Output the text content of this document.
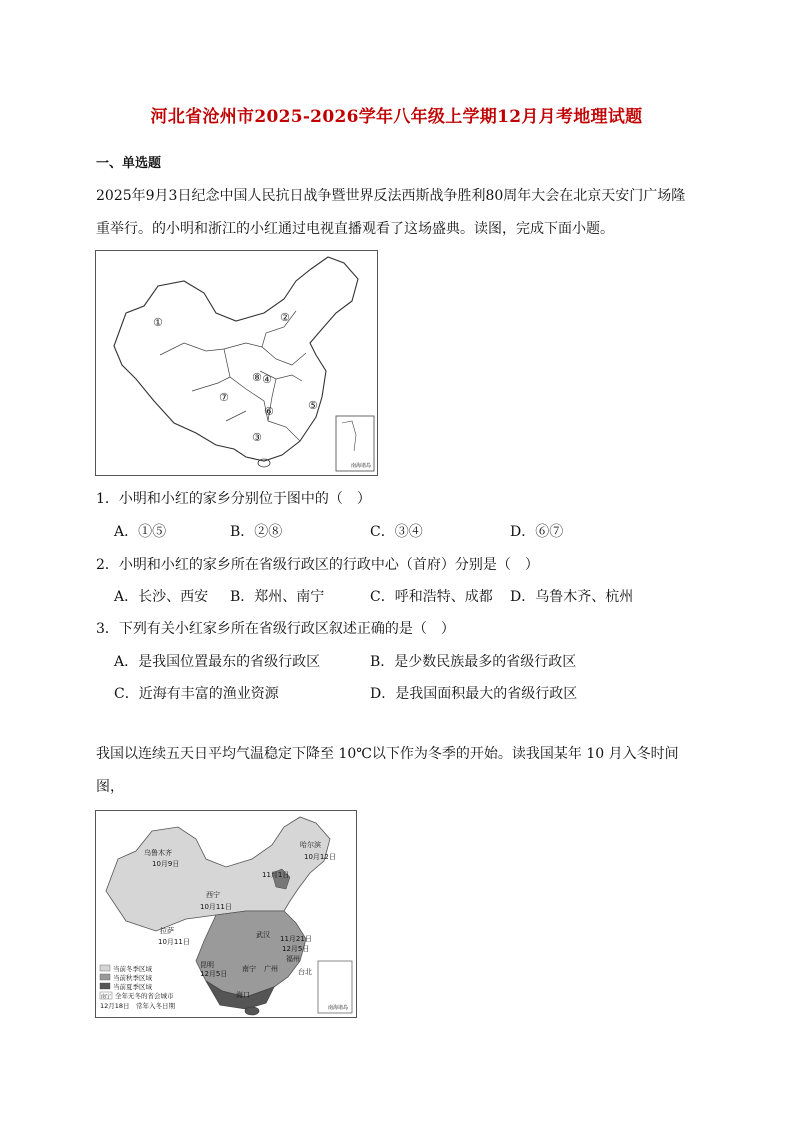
河北省沧州市2025-2026学年八年级上学期12月月考地理试题
一、单选题
2025年9月3日纪念中国人民抗日战争暨世界反法西斯战争胜利80周年大会在北京天安门广场隆
重举行。的小明和浙江的小红通过电视直播观看了这场盛典。读图，完成下面小题。
南海诸岛
①	②
③
④
⑤
⑥
⑦
⑧
1．小明和小红的家乡分别位于图中的（　）
A．①⑤	B．②⑧	C．③④	D．⑥⑦
2．小明和小红的家乡所在省级行政区的行政中心（首府）分别是（　）
A．长沙、西安 B．郑州、南宁	C．呼和浩特、成都 D．乌鲁木齐、杭州
3．下列有关小红家乡所在省级行政区叙述正确的是（　）
A．是我国位置最东的省级行政区	B．是少数民族最多的省级行政区
C．近海有丰富的渔业资源	D．是我国面积最大的省级行政区
我国以连续五天日平均气温稳定下降至 10℃以下作为冬季的开始。读我国某年 10 月入冬时间图，
南海诸岛
乌鲁木齐
10月9日
哈尔滨
10月12日
11月1日
西宁
10月11日
拉萨
10月11日
武汉 11月21日
昆明
12月5日
南宁 广州
福州
台北
海口
12月5日
当前冬季区域
当前秋季区域
当前夏季区域
南宁 全年无冬的省会城市
12月18日　常年入冬日期
